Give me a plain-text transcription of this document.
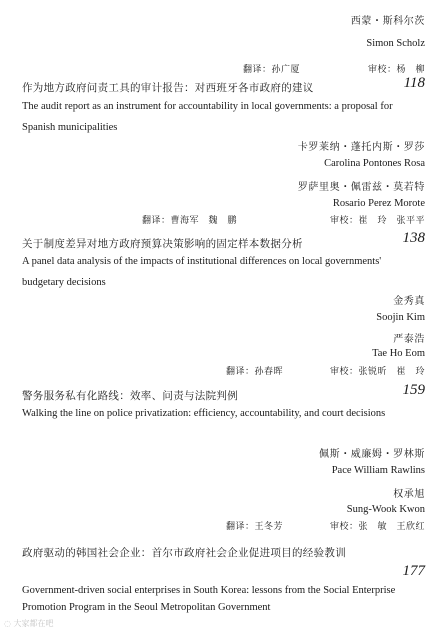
西蒙・斯科尔茨
Simon Scholz
翻译：孙广厦	审校：杨　柳
作为地方政府问责工具的审计报告：对西班牙各市政府的建议	118
The audit report as an instrument for accountability in local governments: a proposal for Spanish municipalities
卡罗莱纳・蓬托内斯・罗莎
Carolina Pontones Rosa
罗萨里奥・佩雷兹・莫若特
Rosario Perez Morote
翻译：曹海军　魏　鹏	审校：崔　玲　张平平
关于制度差异对地方政府预算决策影响的固定样本数据分析	138
A panel data analysis of the impacts of institutional differences on local governments' budgetary decisions
金秀真
Soojin Kim
严泰浩
Tae Ho Eom
翻译：孙春晖	审校：张锐昕　崔　玲
警务服务私有化路线：效率、问责与法院判例	159
Walking the line on police privatization: efficiency, accountability, and court decisions
佩斯・威廉姆・罗林斯
Pace William Rawlins
权承旭
Sung-Wook Kwon
翻译：王冬芳	审校：张　敏　王欣红
政府驱动的韩国社会企业：首尔市政府社会企业促进项目的经验教训
177
Government-driven social enterprises in South Korea: lessons from the Social Enterprise Promotion Program in the Seoul Metropolitan Government
◌ 大家都在吧
